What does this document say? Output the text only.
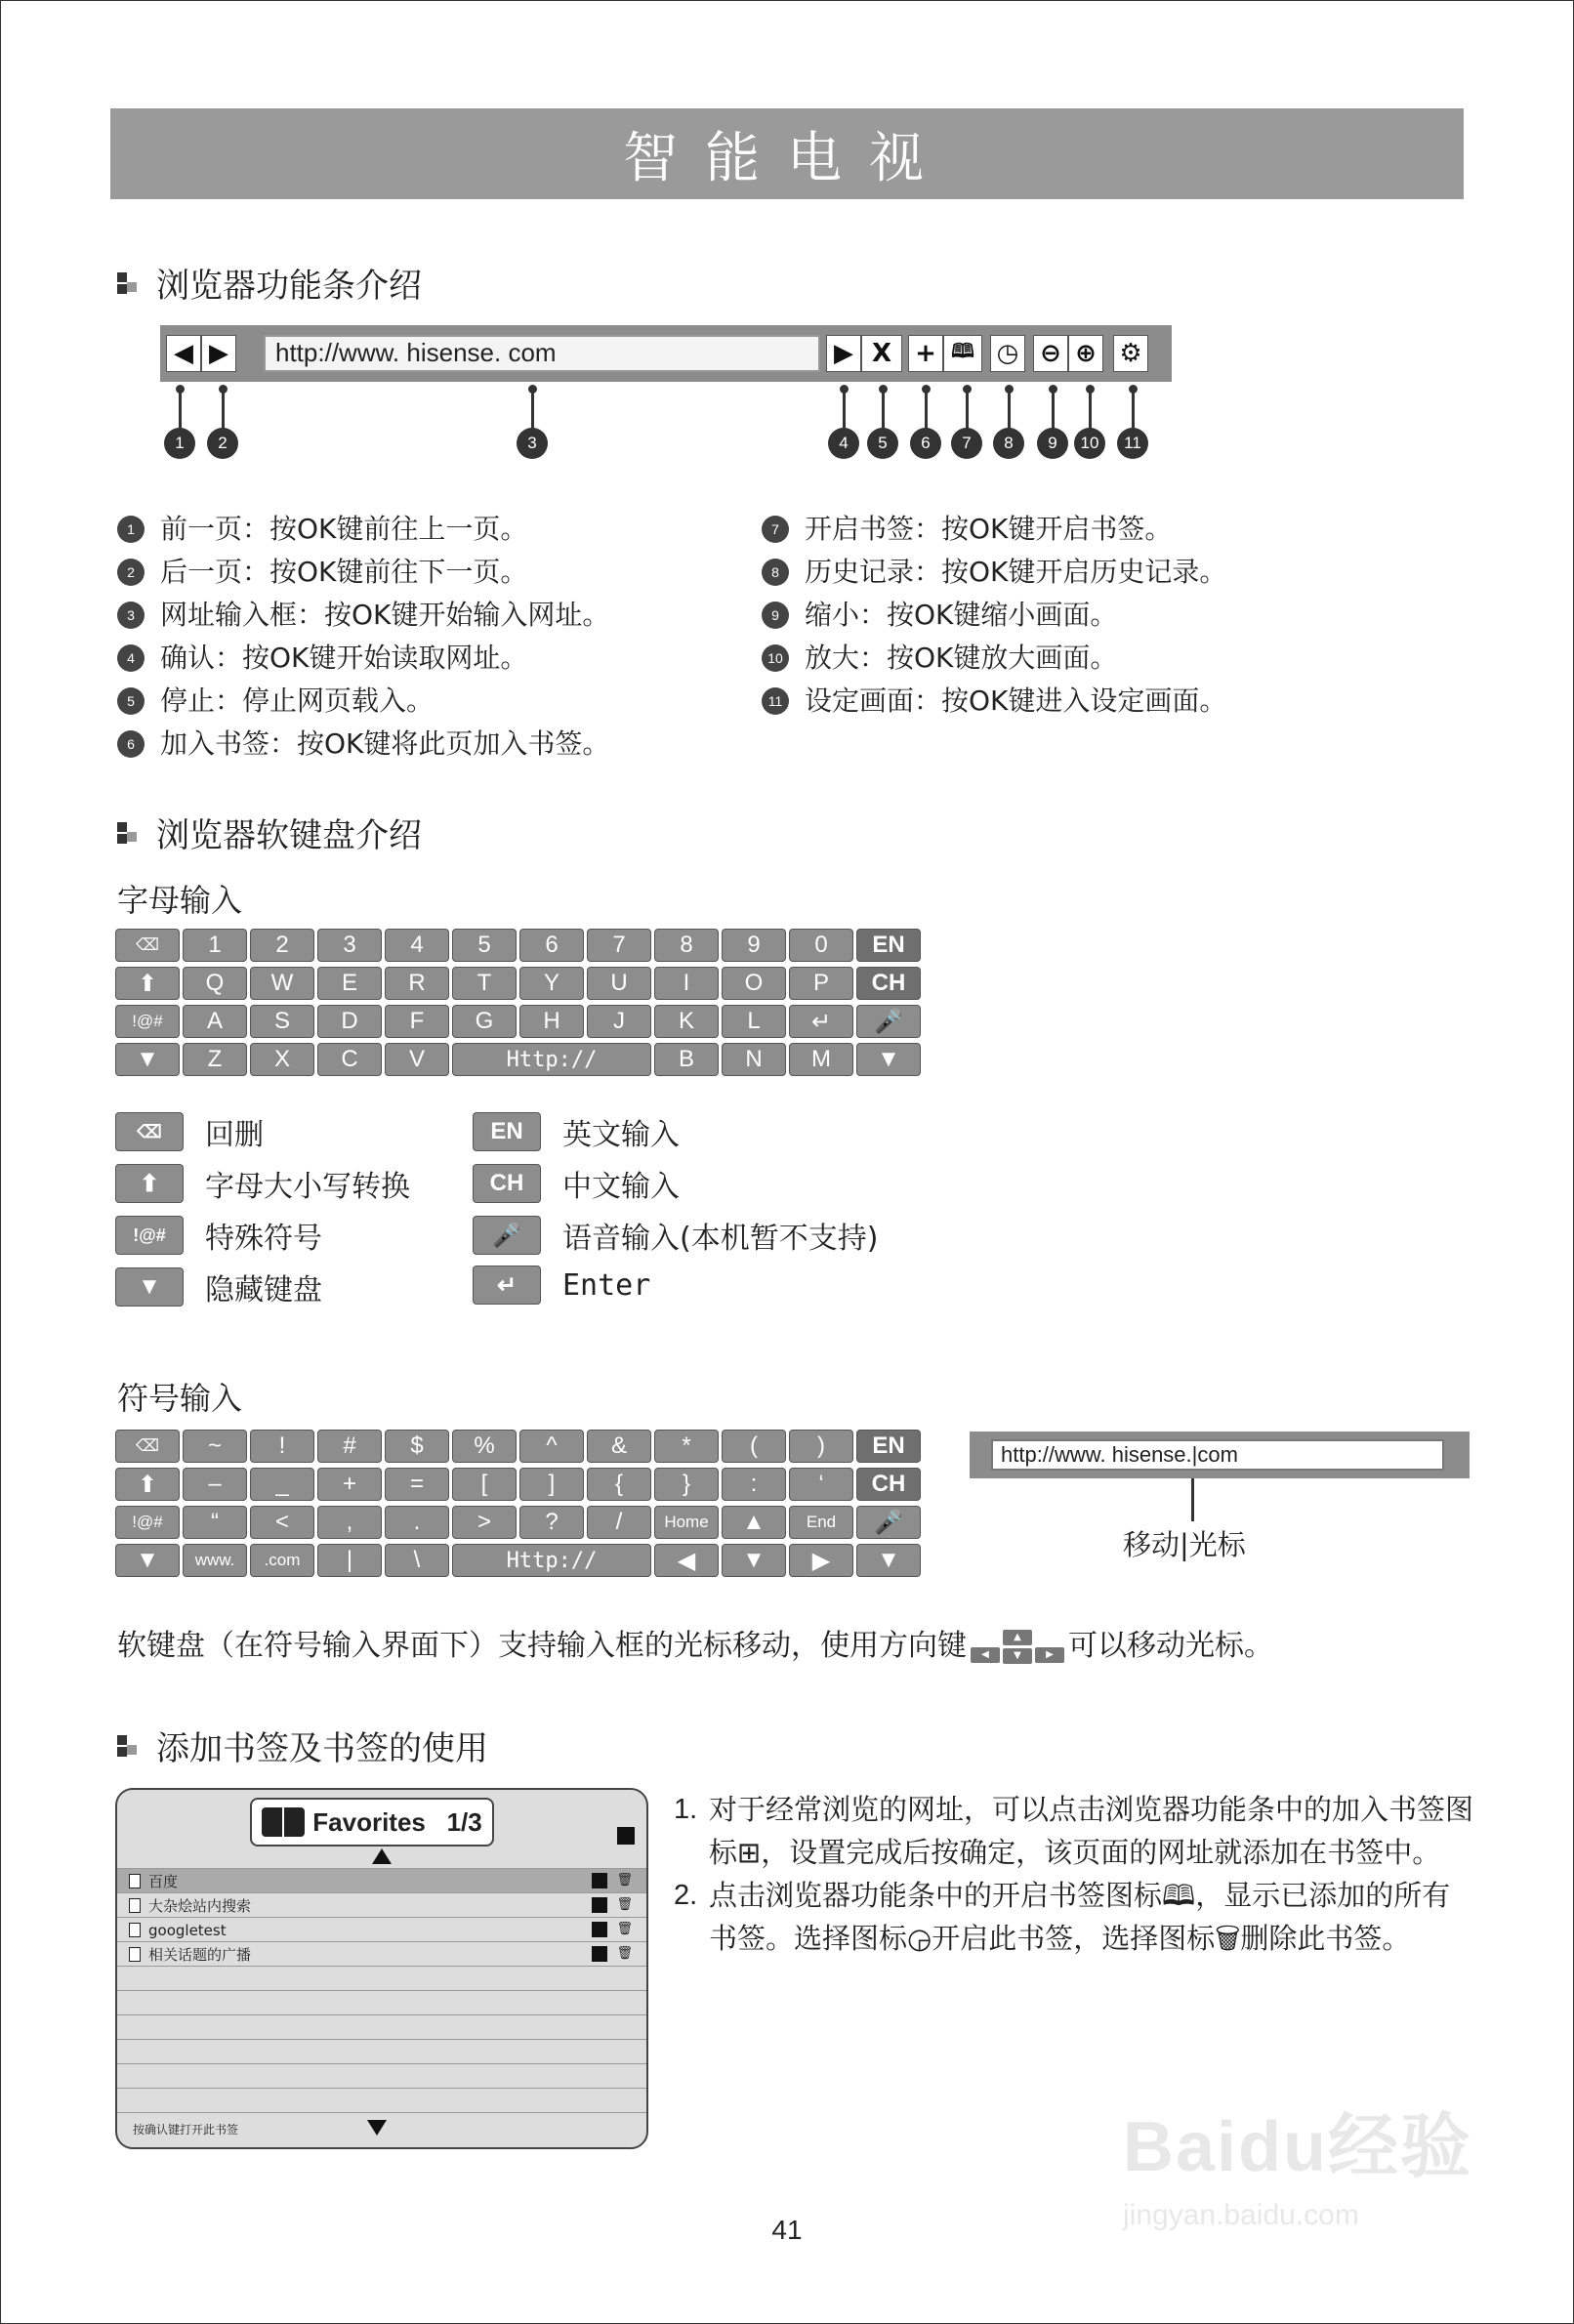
智能电视
浏览器功能条介绍
◀ ▶	http://www. hisense. com	▶ X + 🕮 ◷ ⊖ ⊕ ⚙
1	2	3	4	5	6	7	8	9	10	11
1 前一页：按OK键前往上一页。
2 后一页：按OK键前往下一页。
3 网址输入框：按OK键开始输入网址。
4 确认：按OK键开始读取网址。
5 停止：停止网页载入。
6 加入书签：按OK键将此页加入书签。
7 开启书签：按OK键开启书签。
8 历史记录：按OK键开启历史记录。
9 缩小：按OK键缩小画面。
10 放大：按OK键放大画面。
11 设定画面：按OK键进入设定画面。
浏览器软键盘介绍
字母输入
⌫	1	2	3	4	5	6	7	8	9	0	EN
⬆	Q	W	E	R	T	Y	U	I	O	P	CH
!@#	A	S	D	F	G	H	J	K	L	↵	🎤
▼	Z	X	C	V	Http://	B	N	M	▼
⌫	回删
⬆	字母大小写转换
!@#	特殊符号
▼	隐藏键盘
EN	英文输入
CH	中文输入
🎤	语音输入(本机暂不支持)
↵	Enter
符号输入
⌫	~	!	#	$	%	^	&	*	(	)	EN
⬆	–	_	+	=	[	]	{	}	:	‘	CH
!@#	“	<	,	.	>	?	/	Home	▲	End	🎤
▼	www.	.com	|	\	Http://	◀	▼	▶	▼
http://www. hisense.|com
移动|光标
软键盘（在符号输入界面下）支持输入框的光标移动，使用方向键	◀
▲
▼	▶ 可以移动光标。
添加书签及书签的使用
Favorites
1/3
百度	🗑
大杂烩站内搜索	🗑
googletest	🗑
相关话题的广播	🗑
按确认键打开此书签
1. 对于经常浏览的网址，可以点击浏览器功能条中的加入书签图标⊞，设置完成后按确定，该页面的网址就添加在书签中。
2. 点击浏览器功能条中的开启书签图标🕮，显示已添加的所有书签。选择图标◶开启此书签，选择图标🗑删除此书签。
41
Baidu经验
jingyan.baidu.com
